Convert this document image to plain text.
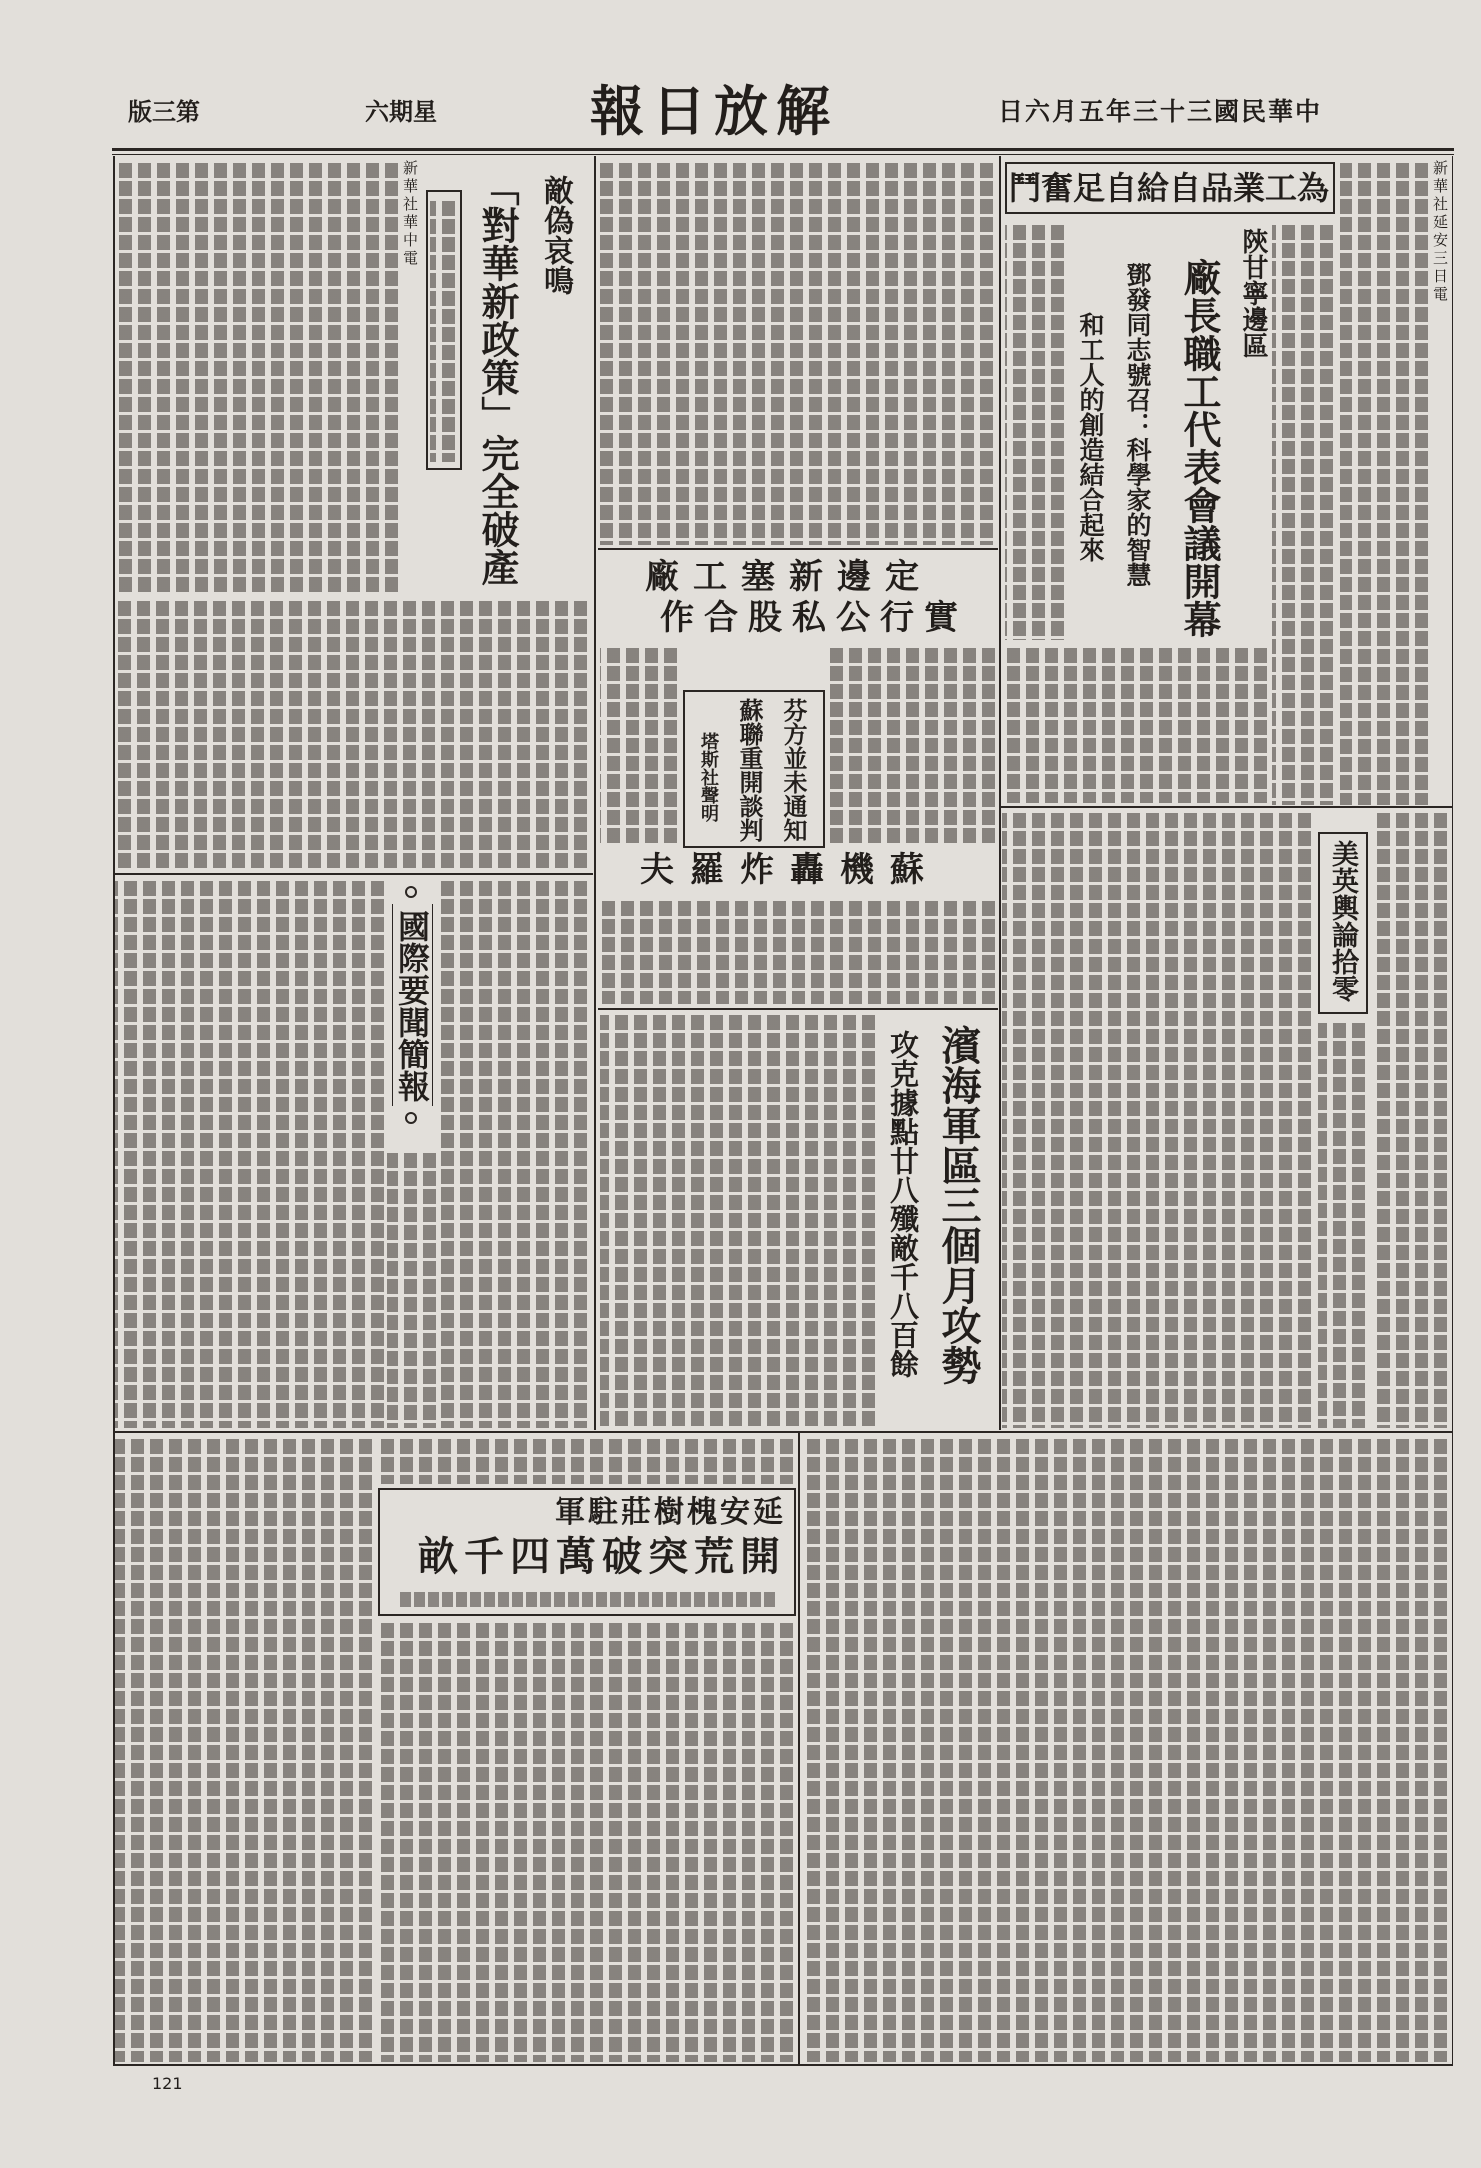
第三版	星期六	解放日報	中華民國三十三年五月六日
為工業品自給自足奮鬥
陝甘寧邊區
廠長職工代表會議開幕
鄧發同志號召：科學家的智慧
和工人的創造結合起來

新華社延安三日電

定邊新塞工廠
實行公私股合作
芬方並未通知
蘇聯重開談判
塔斯社聲明
蘇機轟炸羅夫
濱海軍區三個月攻勢
攻克據點廿八殲敵千八百餘
敵偽哀鳴
「對華新政策」完全破產

新華社華中電

國際要聞簡報	美英輿論拾零
延安槐樹莊駐軍
開荒突破萬四千畝
121
